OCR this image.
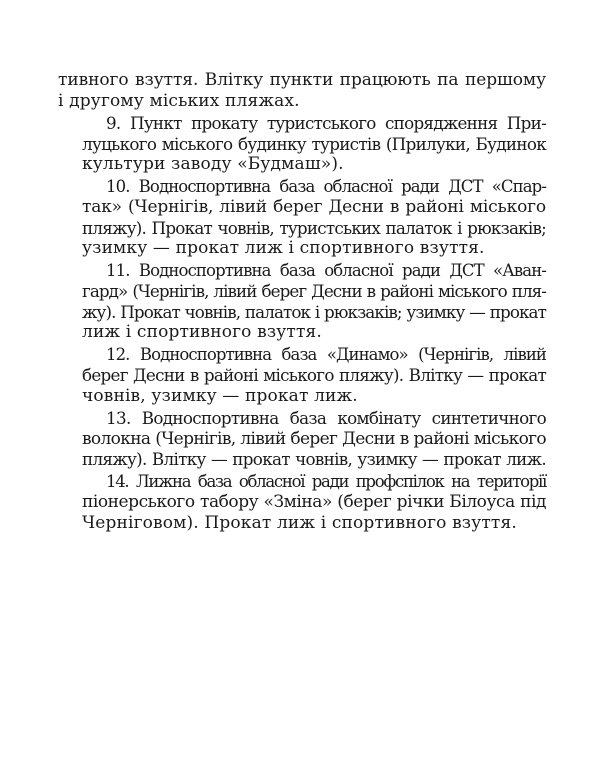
тивного взуття. Влітку пункти працюють па першому
і другому міських пляжах.

9. Пункт прокату туристського спорядження При-
луцького міського будинку туристів (Прилуки, Будинок
культури заводу «Будмаш»).

10. Водноспортивна база обласної ради ДСТ «Спар-
так» (Чернігів, лівий берег Десни в районі міського
пляжу). Прокат човнів, туристських палаток і рюкзаків;
узимку — прокат лиж і спортивного взуття.

11. Водноспортивна база обласної ради ДСТ «Аван-
гард» (Чернігів, лівий берег Десни в районі міського пля-
жу). Прокат човнів, палаток і рюкзаків; узимку — прокат
лиж і спортивного взуття.

12. Водноспортивна база «Динамо» (Чернігів, лівий
берег Десни в районі міського пляжу). Влітку — прокат
човнів, узимку — прокат лиж.

13. Водноспортивна база комбінату синтетичного
волокна (Чернігів, лівий берег Десни в районі міського
пляжу). Влітку — прокат човнів, узимку — прокат лиж.

14. Лижна база обласної ради профспілок на території
піонерського табору «Зміна» (берег річки Білоуса під
Черніговом). Прокат лиж і спортивного взуття.
